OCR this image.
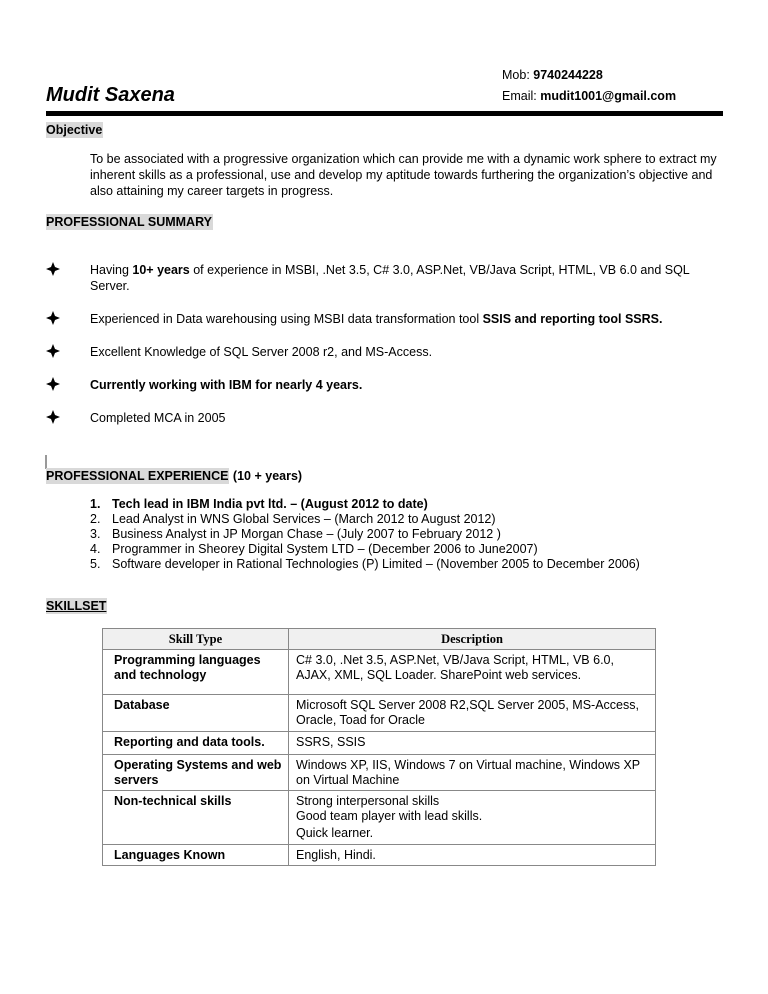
Mob: 9740244228
Mudit Saxena	Email: mudit1001@gmail.com
Objective
To be associated with a progressive organization which can provide me with a dynamic work sphere to extract my inherent skills as a professional, use and develop my aptitude towards furthering the organization’s objective and also attaining my career targets in progress.
PROFESSIONAL SUMMARY
Having 10+ years of experience in MSBI, .Net 3.5, C# 3.0, ASP.Net, VB/Java Script, HTML, VB 6.0 and SQL Server.
Experienced in Data warehousing using MSBI data transformation tool SSIS and reporting tool SSRS.
Excellent Knowledge of SQL Server 2008 r2, and MS-Access.
Currently working with IBM for nearly 4 years.
Completed MCA in 2005
PROFESSIONAL EXPERIENCE (10 + years)
1. Tech lead in IBM India pvt ltd. – (August 2012 to date)
2. Lead Analyst in WNS Global Services – (March 2012 to August 2012)
3. Business Analyst in JP Morgan Chase – (July 2007 to February 2012 )
4. Programmer in Sheorey Digital System LTD – (December 2006 to June2007)
5. Software developer in Rational Technologies (P) Limited – (November 2005 to December 2006)
SKILLSET
Skill Type	Description
Programming languages and technology	C# 3.0, .Net 3.5, ASP.Net, VB/Java Script, HTML, VB 6.0, AJAX, XML, SQL Loader. SharePoint web services.

Database	Microsoft SQL Server 2008 R2,SQL Server 2005, MS-Access, Oracle, Toad for Oracle

Reporting and data tools.	SSRS, SSIS

Operating Systems and web servers	Windows XP, IIS, Windows 7 on Virtual machine, Windows XP on Virtual Machine

Non-technical skills	Strong interpersonal skills
Good team player with lead skills.
Quick learner.

Languages Known	English, Hindi.
